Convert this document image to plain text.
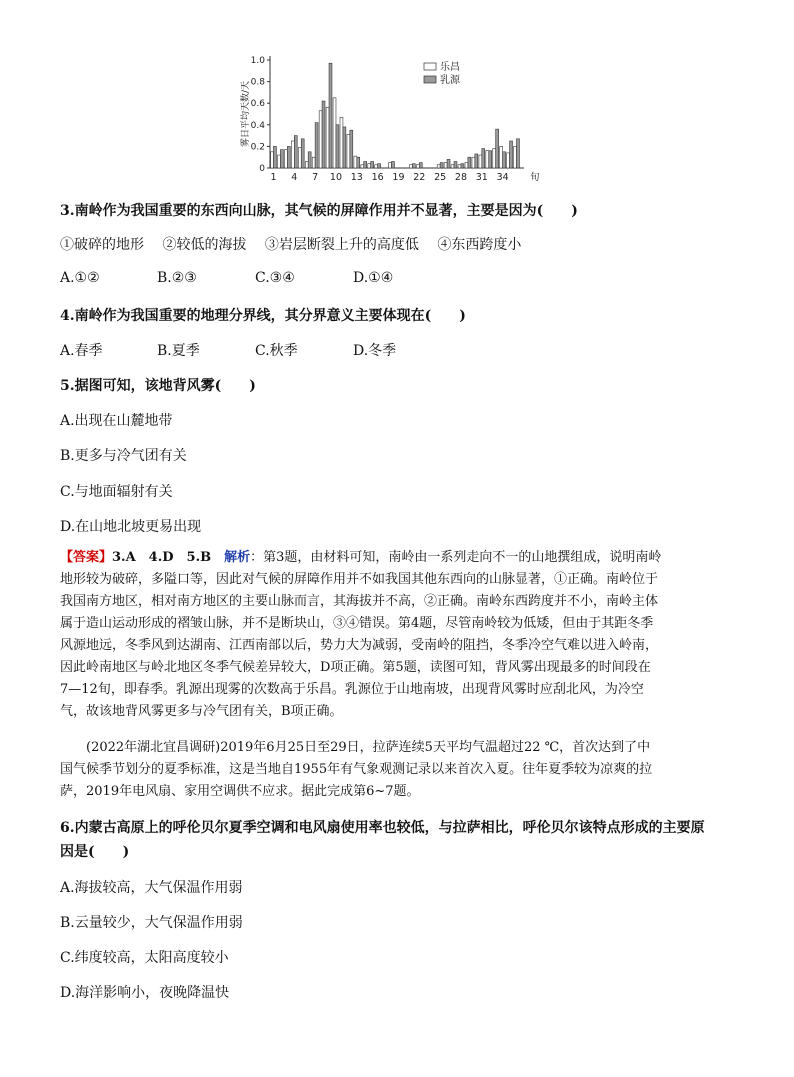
0
0.2
0.4
0.6
0.8
1.0
雾日平均天数/天
1 4 7 10 13 16 19 22 25 28 31 34 旬
乐昌
乳源
3.南岭作为我国重要的东西向山脉，其气候的屏障作用并不显著，主要是因为(　　)
①破碎的地形　 ②较低的海拔　 ③岩层断裂上升的高度低　 ④东西跨度小
A.①②	B.②③	C.③④	D.①④
4.南岭作为我国重要的地理分界线，其分界意义主要体现在(　　)
A.春季	B.夏季	C.秋季	D.冬季
5.据图可知，该地背风雾(　　)
A.出现在山麓地带
B.更多与冷气团有关
C.与地面辐射有关
D.在山地北坡更易出现
【答案】3.A　4.D　5.B　解析：第3题，由材料可知，南岭由一系列走向不一的山地撰组成，说明南岭
地形较为破碎，多隘口等，因此对气候的屏障作用并不如我国其他东西向的山脉显著，①正确。南岭位于
我国南方地区，相对南方地区的主要山脉而言，其海拔并不高，②正确。南岭东西跨度并不小，南岭主体
属于造山运动形成的褶皱山脉，并不是断块山，③④错误。第4题，尽管南岭较为低矮，但由于其距冬季
风源地远，冬季风到达湖南、江西南部以后，势力大为减弱，受南岭的阻挡，冬季冷空气难以进入岭南，
因此岭南地区与岭北地区冬季气候差异较大，D项正确。第5题，读图可知，背风雾出现最多的时间段在
7—12旬，即春季。乳源出现雾的次数高于乐昌。乳源位于山地南坡，出现背风雾时应刮北风，为冷空
气，故该地背风雾更多与冷气团有关，B项正确。
(2022年湖北宜昌调研)2019年6月25日至29日，拉萨连续5天平均气温超过22 ℃，首次达到了中
国气候季节划分的夏季标准，这是当地自1955年有气象观测记录以来首次入夏。往年夏季较为凉爽的拉
萨，2019年电风扇、家用空调供不应求。据此完成第6~7题。
6.内蒙古高原上的呼伦贝尔夏季空调和电风扇使用率也较低，与拉萨相比，呼伦贝尔该特点形成的主要原
因是(　　)
A.海拔较高，大气保温作用弱
B.云量较少，大气保温作用弱
C.纬度较高，太阳高度较小
D.海洋影响小，夜晚降温快
